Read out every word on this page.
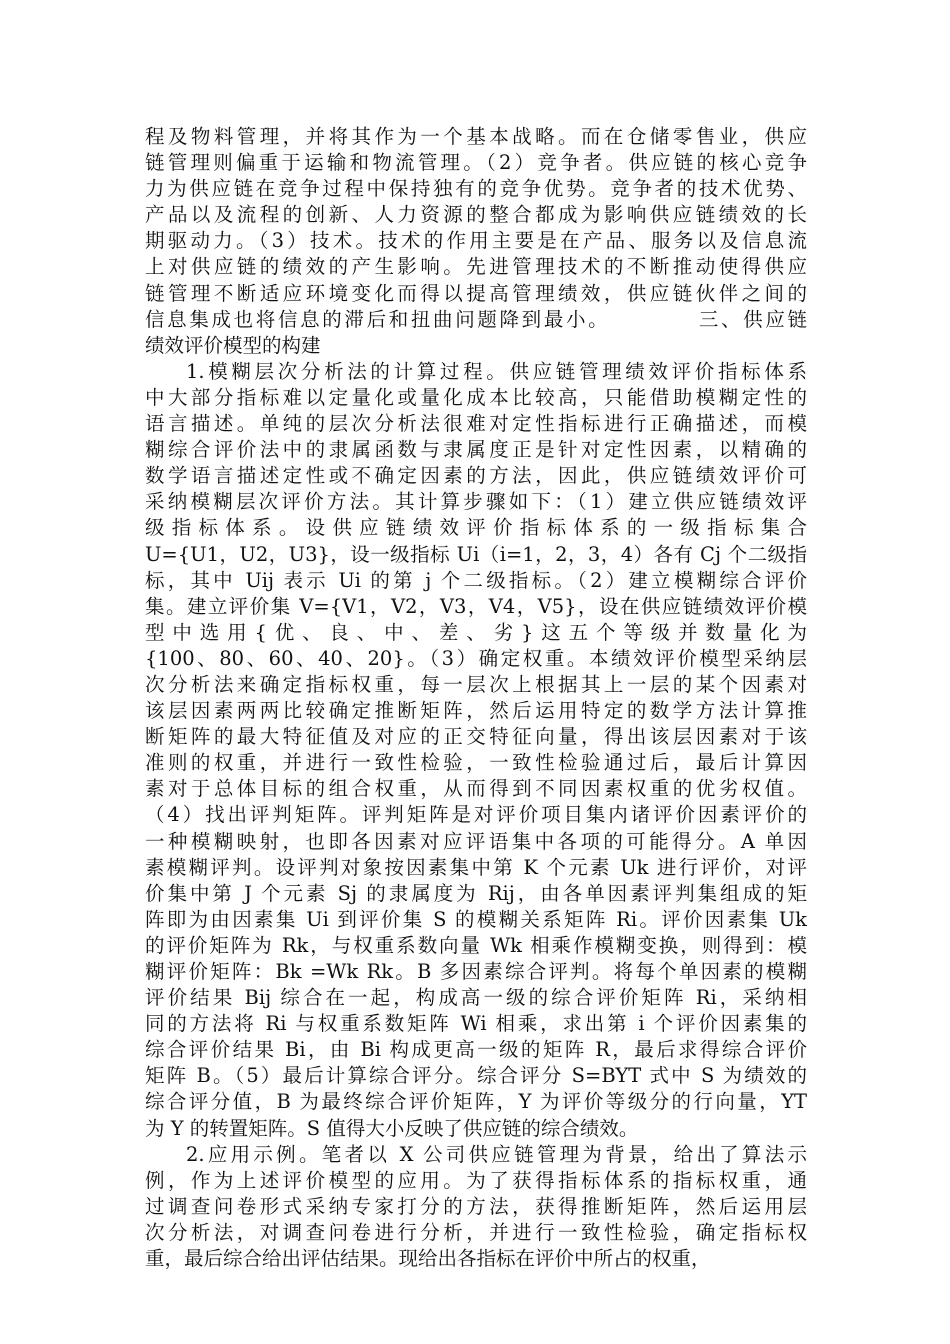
程及物料管理，并将其作为一个基本战略。而在仓储零售业，供应
链管理则偏重于运输和物流管理。（2）竞争者。供应链的核心竞争
力为供应链在竞争过程中保持独有的竞争优势。竞争者的技术优势、
产品以及流程的创新、人力资源的整合都成为影响供应链绩效的长
期驱动力。（3）技术。技术的作用主要是在产品、服务以及信息流
上对供应链的绩效的产生影响。先进管理技术的不断推动使得供应
链管理不断适应环境变化而得以提高管理绩效，供应链伙伴之间的
信息集成也将信息的滞后和扭曲问题降到最小。          三、供应链
绩效评价模型的构建
1.模糊层次分析法的计算过程。供应链管理绩效评价指标体系
中大部分指标难以定量化或量化成本比较高，只能借助模糊定性的
语言描述。单纯的层次分析法很难对定性指标进行正确描述，而模
糊综合评价法中的隶属函数与隶属度正是针对定性因素，以精确的
数学语言描述定性或不确定因素的方法，因此，供应链绩效评价可
采纳模糊层次评价方法。其计算步骤如下：（1）建立供应链绩效评
级指标体系。设供应链绩效评价指标体系的一级指标集合
U={U1，U2，U3}，设一级指标 Ui（i=1，2，3，4）各有 Cj 个二级指
标，其中 Uij 表示 Ui 的第 j 个二级指标。（2）建立模糊综合评价
集。建立评价集 V={V1，V2，V3，V4，V5}，设在供应链绩效评价模
型中选用{优、良、中、差、劣}这五个等级并数量化为
{100、80、60、40、20}。（3）确定权重。本绩效评价模型采纳层
次分析法来确定指标权重，每一层次上根据其上一层的某个因素对
该层因素两两比较确定推断矩阵，然后运用特定的数学方法计算推
断矩阵的最大特征值及对应的正交特征向量，得出该层因素对于该
准则的权重，并进行一致性检验，一致性检验通过后，最后计算因
素对于总体目标的组合权重，从而得到不同因素权重的优劣权值。
（4）找出评判矩阵。评判矩阵是对评价项目集内诸评价因素评价的
一种模糊映射，也即各因素对应评语集中各项的可能得分。A 单因
素模糊评判。设评判对象按因素集中第 K 个元素 Uk 进行评价，对评
价集中第 J 个元素 Sj 的隶属度为 Rij，由各单因素评判集组成的矩
阵即为由因素集 Ui 到评价集 S 的模糊关系矩阵 Ri。评价因素集 Uk
的评价矩阵为 Rk，与权重系数向量 Wk 相乘作模糊变换，则得到：模
糊评价矩阵：Bk =Wk Rk。B 多因素综合评判。将每个单因素的模糊
评价结果 Bij 综合在一起，构成高一级的综合评价矩阵 Ri，采纳相
同的方法将 Ri 与权重系数矩阵 Wi 相乘，求出第 i 个评价因素集的
综合评价结果 Bi，由 Bi 构成更高一级的矩阵 R，最后求得综合评价
矩阵 B。（5）最后计算综合评分。综合评分 S=BYT 式中 S 为绩效的
综合评分值，B 为最终综合评价矩阵，Y 为评价等级分的行向量，YT
为 Y 的转置矩阵。S 值得大小反映了供应链的综合绩效。
2.应用示例。笔者以 X 公司供应链管理为背景，给出了算法示
例，作为上述评价模型的应用。为了获得指标体系的指标权重，通
过调查问卷形式采纳专家打分的方法，获得推断矩阵，然后运用层
次分析法，对调查问卷进行分析，并进行一致性检验，确定指标权
重，最后综合给出评估结果。现给出各指标在评价中所占的权重，
